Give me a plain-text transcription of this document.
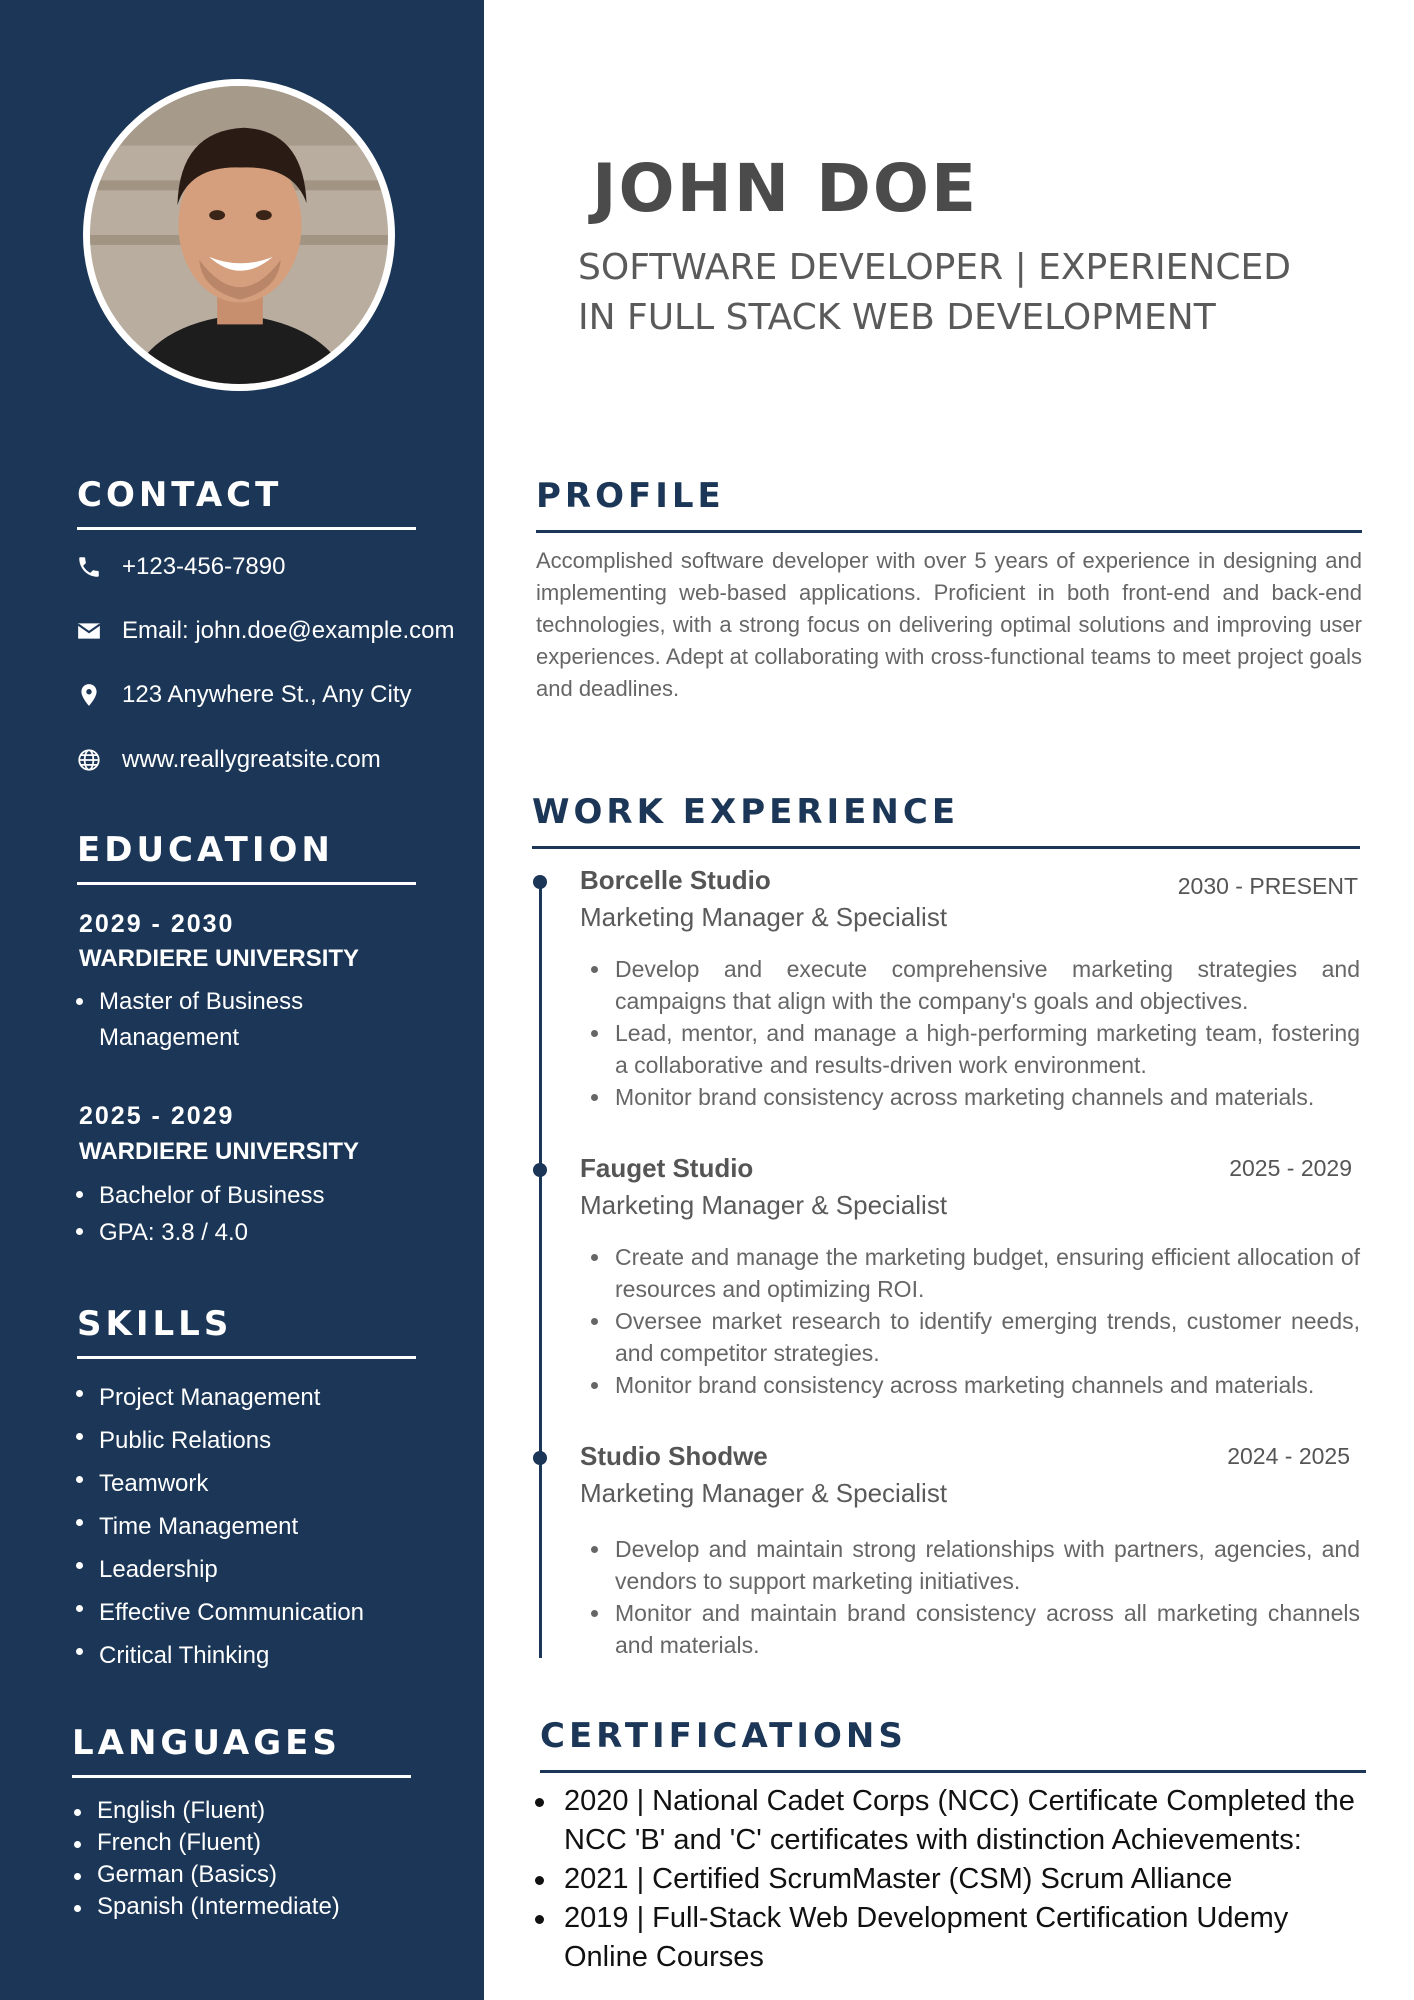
CONTACT
+123-456-7890
Email: john.doe@example.com
123 Anywhere St., Any City
www.reallygreatsite.com
EDUCATION
2029 - 2030
WARDIERE UNIVERSITY
Master of Business Management
2025 - 2029
WARDIERE UNIVERSITY
Bachelor of Business
GPA: 3.8 / 4.0
SKILLS
Project Management
Public Relations
Teamwork
Time Management
Leadership
Effective Communication
Critical Thinking
LANGUAGES
English (Fluent)
French (Fluent)
German (Basics)
Spanish (Intermediate)
JOHN DOE
SOFTWARE DEVELOPER | EXPERIENCED
IN FULL STACK WEB DEVELOPMENT
PROFILE

Accomplished software developer with over 5 years of experience in designing and implementing web-based applications. Proficient in both front-end and back-end technologies, with a strong focus on delivering optimal solutions and improving user experiences. Adept at collaborating with cross-functional teams to meet project goals and deadlines.

WORK EXPERIENCE
Borcelle Studio	2030 - PRESENT
Marketing Manager & Specialist
Develop and execute comprehensive marketing strategies and campaigns that align with the company's goals and objectives.
Lead, mentor, and manage a high-performing marketing team, fostering a collaborative and results-driven work environment.
Monitor brand consistency across marketing channels and materials.
Fauget Studio	2025 - 2029
Marketing Manager & Specialist
Create and manage the marketing budget, ensuring efficient allocation of resources and optimizing ROI.
Oversee market research to identify emerging trends, customer needs, and competitor strategies.
Monitor brand consistency across marketing channels and materials.
Studio Shodwe	2024 - 2025
Marketing Manager & Specialist
Develop and maintain strong relationships with partners, agencies, and vendors to support marketing initiatives.
Monitor and maintain brand consistency across all marketing channels and materials.
CERTIFICATIONS
2020 | National Cadet Corps (NCC) Certificate Completed the NCC 'B' and 'C' certificates with distinction Achievements:
2021 | Certified ScrumMaster (CSM) Scrum Alliance
2019 | Full-Stack Web Development Certification Udemy Online Courses
